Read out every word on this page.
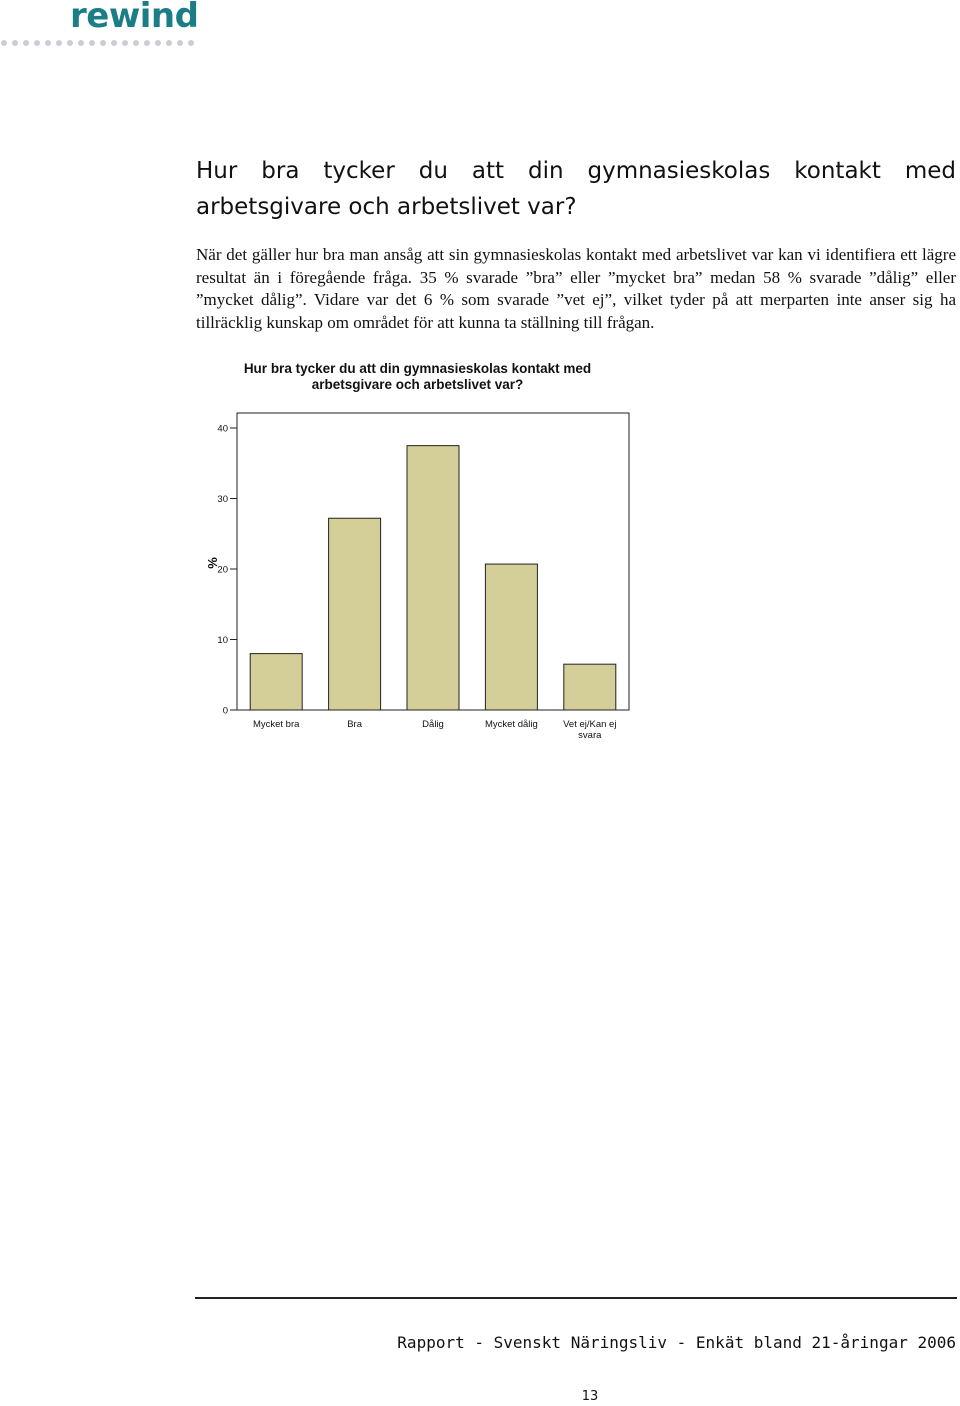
rewind
Hur bra tycker du att din gymnasieskolas kontakt med arbetsgivare och arbetslivet var?

När det gäller hur bra man ansåg att sin gymnasieskolas kontakt med arbetslivet var kan vi identifiera ett lägre resultat än i föregående fråga. 35 % svarade ”bra” eller ”mycket bra” medan 58 % svarade ”dålig” eller ”mycket dålig”. Vidare var det 6 % som svarade ”vet ej”, vilket tyder på att merparten inte anser sig ha tillräcklig kunskap om området för att kunna ta ställning till frågan.

Hur bra tycker du att din gymnasieskolas kontakt med arbetsgivare och arbetslivet var?
0
10
20
30
40
%
Mycket bra	Bra	Dålig	Mycket dålig	Vet ej/Kan ej
svara
Rapport - Svenskt Näringsliv - Enkät bland 21-åringar 2006
13
